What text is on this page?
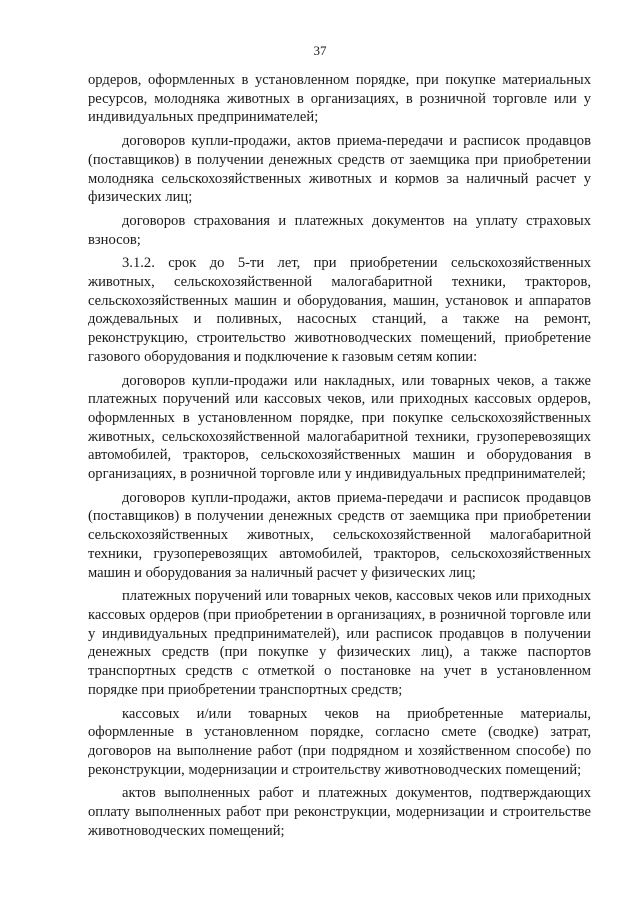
37

ордеров, оформленных в установленном порядке, при покупке материальных ресурсов, молодняка животных в организациях, в розничной торговле или у индивидуальных предпринимателей;

договоров купли-продажи, актов приема-передачи и расписок продавцов (поставщиков) в получении денежных средств от заемщика при приобретении молодняка сельскохозяйственных животных и кормов за наличный расчет у физических лиц;

договоров страхования и платежных документов на уплату страховых взносов;

3.1.2. срок до 5-ти лет, при приобретении сельскохозяйственных животных, сельскохозяйственной малогабаритной техники, тракторов, сельскохозяйственных машин и оборудования, машин, установок и аппаратов дождевальных и поливных, насосных станций, а также на ремонт, реконструкцию, строительство животноводческих помещений, приобретение газового оборудования и подключение к газовым сетям копии:

договоров купли-продажи или накладных, или товарных чеков, а также платежных поручений или кассовых чеков, или приходных кассовых ордеров, оформленных в установленном порядке, при покупке сельскохозяйственных животных, сельскохозяйственной малогабаритной техники, грузоперевозящих автомобилей, тракторов, сельскохозяйственных машин и оборудования в организациях, в розничной торговле или у индивидуальных предпринимателей;

договоров купли-продажи, актов приема-передачи и расписок продавцов (поставщиков) в получении денежных средств от заемщика при приобретении сельскохозяйственных животных, сельскохозяйственной малогабаритной техники, грузоперевозящих автомобилей, тракторов, сельскохозяйственных машин и оборудования за наличный расчет у физических лиц;

платежных поручений или товарных чеков, кассовых чеков или приходных кассовых ордеров (при приобретении в организациях, в розничной торговле или у индивидуальных предпринимателей), или расписок продавцов в получении денежных средств (при покупке у физических лиц), а также паспортов транспортных средств с отметкой о постановке на учет в установленном порядке при приобретении транспортных средств;

кассовых и/или товарных чеков на приобретенные материалы, оформленные в установленном порядке, согласно смете (сводке) затрат, договоров на выполнение работ (при подрядном и хозяйственном способе) по реконструкции, модернизации и строительству животноводческих помещений;

актов выполненных работ и платежных документов, подтверждающих оплату выполненных работ при реконструкции, модернизации и строительстве животноводческих помещений;
